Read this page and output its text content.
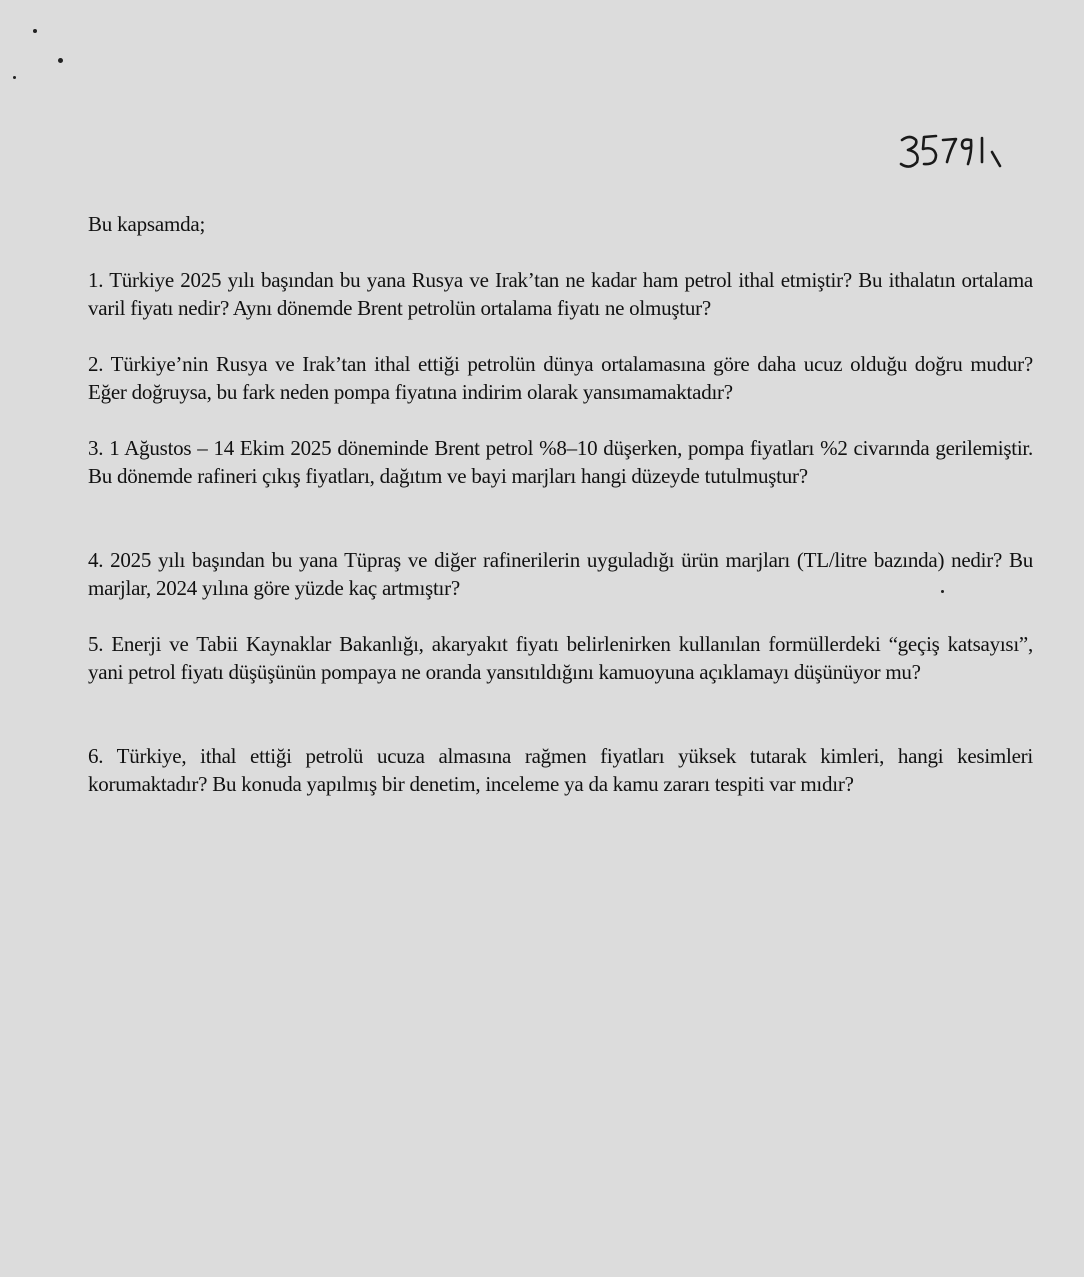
Bu kapsamda;

1. Türkiye 2025 yılı başından bu yana Rusya ve Irak’tan ne kadar ham petrol ithal etmiştir? Bu ithalatın ortalama varil fiyatı nedir? Aynı dönemde Brent petrolün ortalama fiyatı ne olmuştur?

2. Türkiye’nin Rusya ve Irak’tan ithal ettiği petrolün dünya ortalamasına göre daha ucuz olduğu doğru mudur? Eğer doğruysa, bu fark neden pompa fiyatına indirim olarak yansımamaktadır?

3. 1 Ağustos – 14 Ekim 2025 döneminde Brent petrol %8–10 düşerken, pompa fiyatları %2 civarında gerilemiştir. Bu dönemde rafineri çıkış fiyatları, dağıtım ve bayi marjları hangi düzeyde tutulmuştur?

4. 2025 yılı başından bu yana Tüpraş ve diğer rafinerilerin uyguladığı ürün marjları (TL/litre bazında) nedir? Bu marjlar, 2024 yılına göre yüzde kaç artmıştır?

5. Enerji ve Tabii Kaynaklar Bakanlığı, akaryakıt fiyatı belirlenirken kullanılan formüllerdeki “geçiş katsayısı”, yani petrol fiyatı düşüşünün pompaya ne oranda yansıtıldığını kamuoyuna açıklamayı düşünüyor mu?

6. Türkiye, ithal ettiği petrolü ucuza almasına rağmen fiyatları yüksek tutarak kimleri, hangi kesimleri korumaktadır? Bu konuda yapılmış bir denetim, inceleme ya da kamu zararı tespiti var mıdır?
